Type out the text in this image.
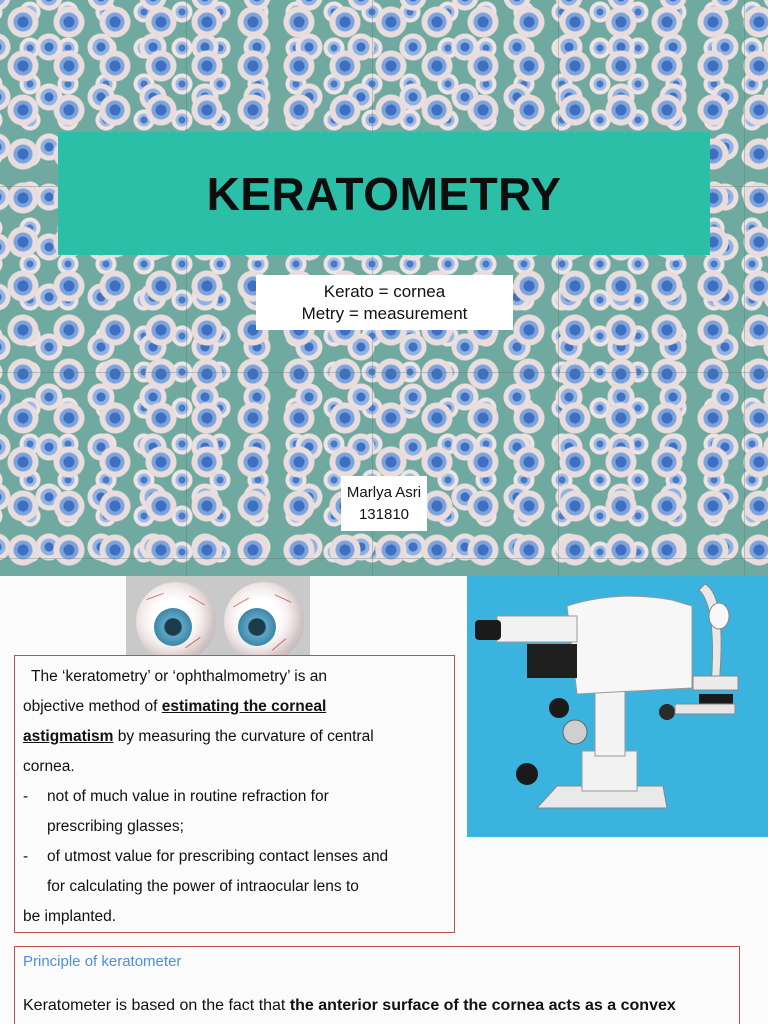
KERATOMETRY
Kerato = cornea
Metry = measurement
Marlya Asri
131810

The ‘keratometry’ or ‘ophthalmometry’ is an

objective method of estimating the corneal

astigmatism by measuring the curvature of central

cornea.

-	not of much value in routine refraction for

prescribing glasses;

-	of utmost value for prescribing contact lenses and

for calculating the power of intraocular lens to

be implanted.

Principle of keratometer
Keratometer is based on the fact that the anterior surface of the cornea acts as a convex
